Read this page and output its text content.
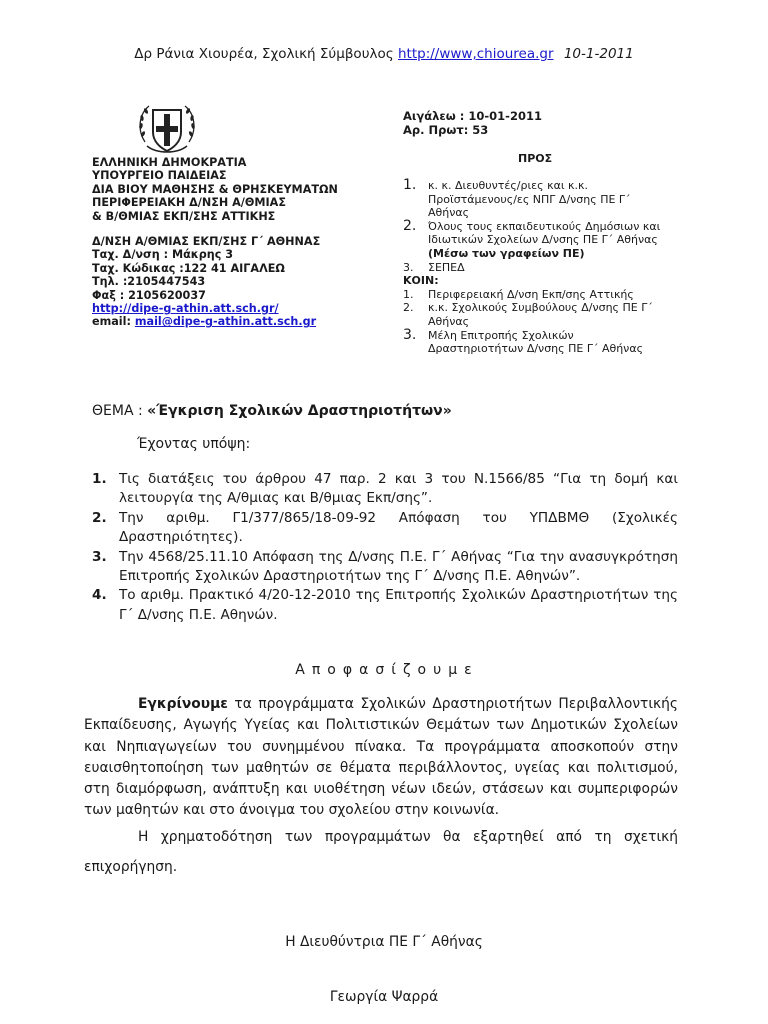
Δρ Ράνια Χιουρέα, Σχολική Σύμβουλος http://www,chiourea.gr 10-1-2011
ΕΛΛΗΝΙΚΗ ΔΗΜΟΚΡΑΤΙΑ
ΥΠΟΥΡΓΕΙΟ ΠΑΙΔΕΙΑΣ
ΔΙΑ ΒΙΟΥ ΜΑΘΗΣΗΣ & ΘΡΗΣΚΕΥΜΑΤΩΝ
ΠΕΡΙΦΕΡΕΙΑΚΗ Δ/ΝΣΗ Α/ΘΜΙΑΣ
& Β/ΘΜΙΑΣ ΕΚΠ/ΣΗΣ ΑΤΤΙΚΗΣ
Δ/ΝΣΗ Α/ΘΜΙΑΣ ΕΚΠ/ΣΗΣ Γ΄ ΑΘΗΝΑΣ
Ταχ. Δ/νση : Μάκρης 3
Ταχ. Κώδικας :122 41 ΑΙΓΑΛΕΩ
Τηλ. :2105447543
Φαξ : 2105620037
http://dipe-g-athin.att.sch.gr/
email: mail@dipe-g-athin.att.sch.gr
Αιγάλεω : 10-01-2011
Αρ. Πρωτ: 53
ΠΡΟΣ
1.	κ. κ. Διευθυντές/ριες και κ.κ. Προϊστάμενους/ες ΝΠΓ Δ/νσης ΠΕ Γ΄ Αθήνας
2.	Όλους τους εκπαιδευτικούς Δημόσιων και Ιδιωτικών Σχολείων Δ/νσης ΠΕ Γ΄ Αθήνας (Μέσω των γραφείων ΠΕ)
3.	ΣΕΠΕΔ
ΚΟΙΝ:
1.	Περιφερειακή Δ/νση Εκπ/σης Αττικής
2.	κ.κ. Σχολικούς Συμβούλους Δ/νσης ΠΕ Γ΄ Αθήνας
3.	Μέλη Επιτροπής Σχολικών Δραστηριοτήτων Δ/νσης ΠΕ Γ΄ Αθήνας
ΘΕΜΑ : «Έγκριση Σχολικών Δραστηριοτήτων»
Έχοντας υπόψη:
1. Τις διατάξεις του άρθρου 47 παρ. 2 και 3 του Ν.1566/85 “Για τη δομή και λειτουργία της Α/θμιας και Β/θμιας Εκπ/σης”.
2. Την αριθμ. Γ1/377/865/18-09-92 Απόφαση του ΥΠΔΒΜΘ (Σχολικές Δραστηριότητες).
3. Την 4568/25.11.10 Απόφαση της Δ/νσης Π.Ε. Γ΄ Αθήνας “Για την ανασυγκρότηση Επιτροπής Σχολικών Δραστηριοτήτων της Γ΄ Δ/νσης Π.Ε. Αθηνών”.
4. Το αριθμ. Πρακτικό 4/20-12-2010 της Επιτροπής Σχολικών Δραστηριοτήτων της Γ΄ Δ/νσης Π.Ε. Αθηνών.
Αποφασίζουμε

Εγκρίνουμε τα προγράμματα Σχολικών Δραστηριοτήτων Περιβαλλοντικής Εκπαίδευσης, Αγωγής Υγείας και Πολιτιστικών Θεμάτων των Δημοτικών Σχολείων και Νηπιαγωγείων του συνημμένου πίνακα. Τα προγράμματα αποσκοπούν στην ευαισθητοποίηση των μαθητών σε θέματα περιβάλλοντος, υγείας και πολιτισμού, στη διαμόρφωση, ανάπτυξη και υιοθέτηση νέων ιδεών, στάσεων και συμπεριφορών των μαθητών και στο άνοιγμα του σχολείου στην κοινωνία.

Η χρηματοδότηση των προγραμμάτων θα εξαρτηθεί από τη σχετική επιχορήγηση.

Η Διευθύντρια ΠΕ Γ΄ Αθήνας
Γεωργία Ψαρρά
